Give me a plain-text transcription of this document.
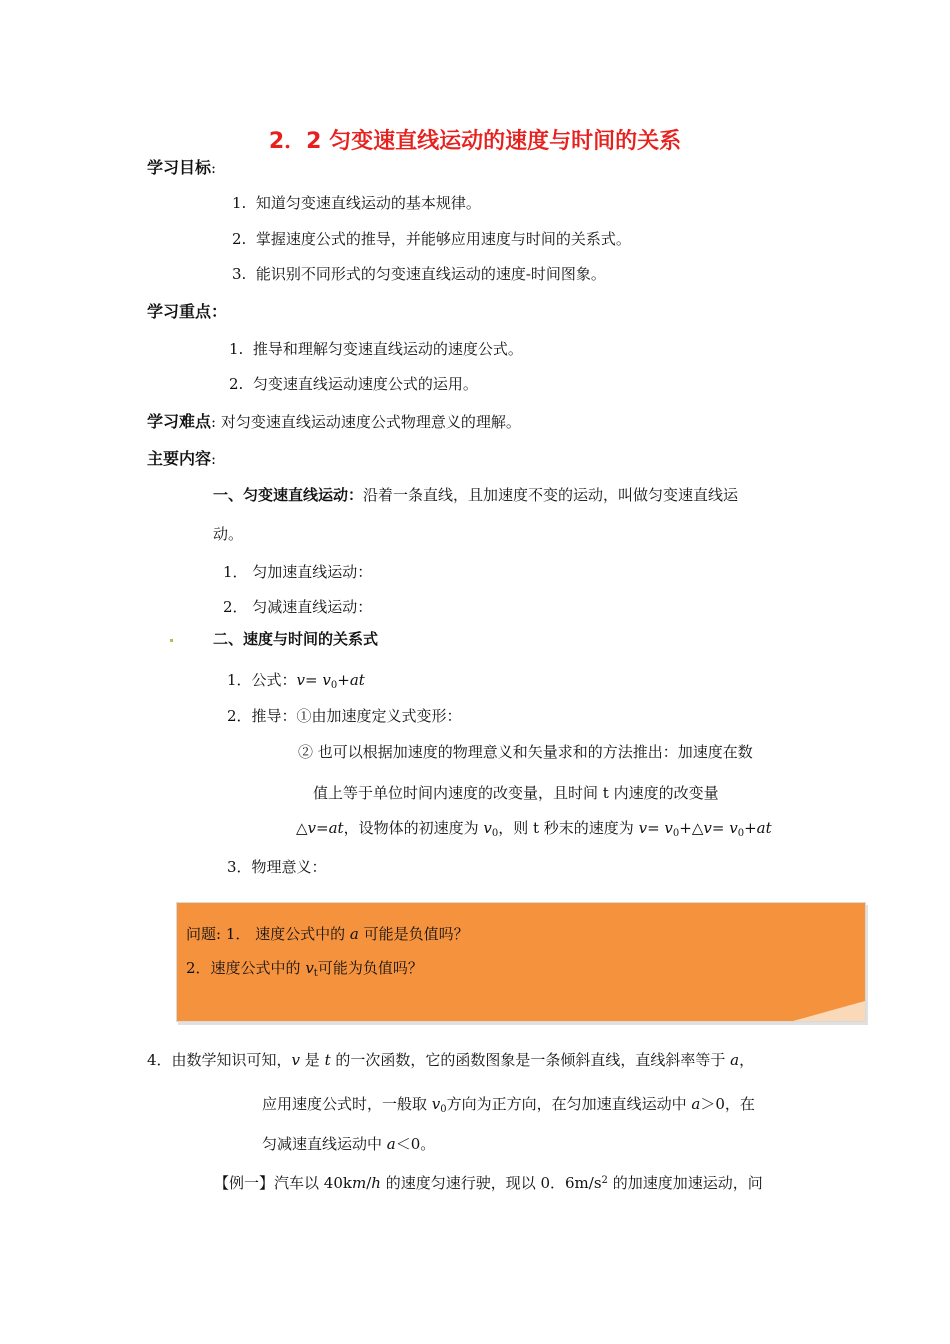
2．2 匀变速直线运动的速度与时间的关系
学习目标:
1. 知道匀变速直线运动的基本规律。
2. 掌握速度公式的推导，并能够应用速度与时间的关系式。
3. 能识别不同形式的匀变速直线运动的速度-时间图象。
学习重点：
1. 推导和理解匀变速直线运动的速度公式。
2. 匀变速直线运动速度公式的运用。
学习难点: 对匀变速直线运动速度公式物理意义的理解。
主要内容:
一、匀变速直线运动：沿着一条直线，且加速度不变的运动，叫做匀变速直线运
动。
1． 匀加速直线运动：
2． 匀减速直线运动：
二、速度与时间的关系式
1．公式：$v= v_0+at$
2．推导：①由加速度定义式变形：
② 也可以根据加速度的物理意义和矢量求和的方法推出：加速度在数
值上等于单位时间内速度的改变量，且时间 t 内速度的改变量
△v=at，设物体的初速度为 $v_0$，则 t 秒末的速度为 $v= v_0+\triangle v= v_0+at$
3．物理意义：
问题: 1． 速度公式中的 a 可能是负值吗？
2．速度公式中的 $v_t$可能为负值吗？
4．由数学知识可知，v 是 t 的一次函数，它的函数图象是一条倾斜直线，直线斜率等于 a，
应用速度公式时，一般取 $v_0$方向为正方向，在匀加速直线运动中 a＞0，在
匀减速直线运动中 a＜0。
【例一】汽车以 40km/h 的速度匀速行驶，现以 0．$6m/s^2$ 的加速度加速运动，问
